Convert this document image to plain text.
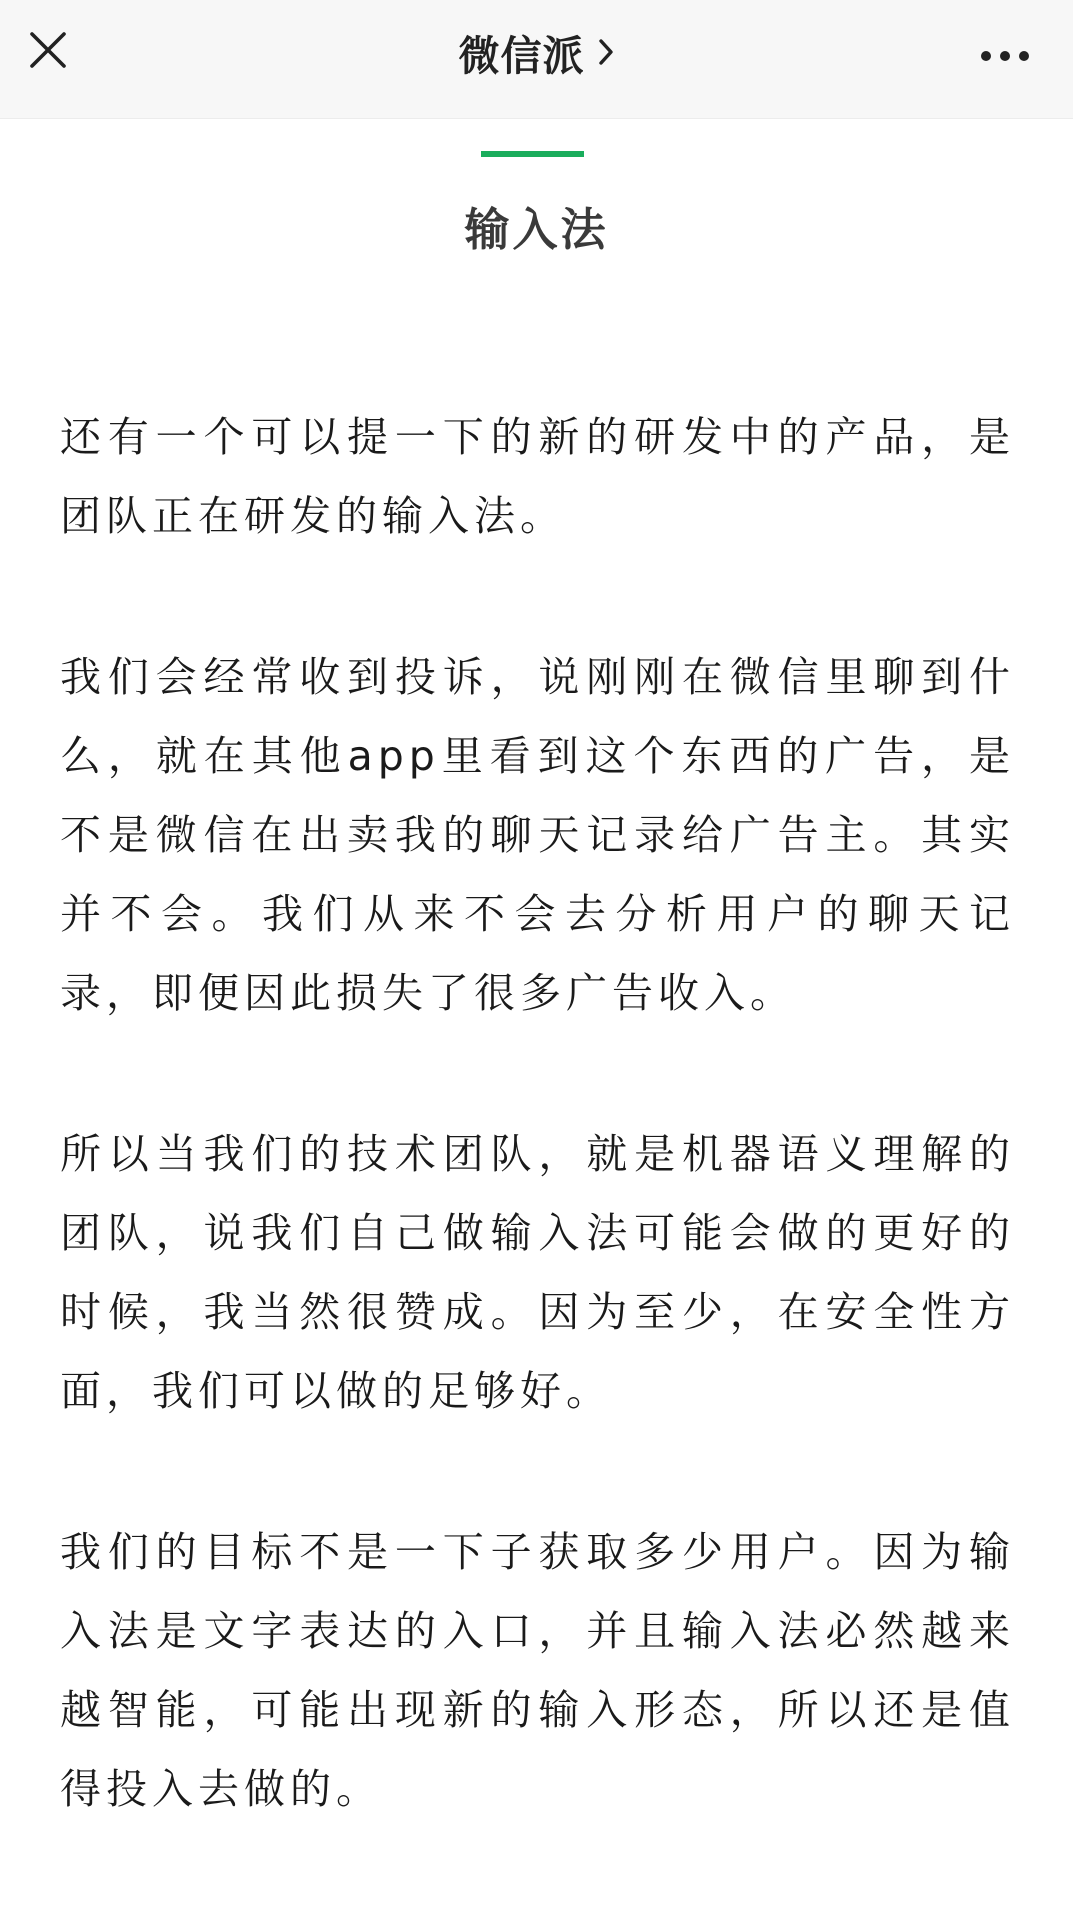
微信派
输入法

还有一个可以提一下的新的研发中的产品，是团队正在研发的输入法。

我们会经常收到投诉，说刚刚在微信里聊到什么，就在其他app里看到这个东西的广告，是不是微信在出卖我的聊天记录给广告主。其实并不会。我们从来不会去分析用户的聊天记录，即便因此损失了很多广告收入。

所以当我们的技术团队，就是机器语义理解的团队，说我们自己做输入法可能会做的更好的时候，我当然很赞成。因为至少，在安全性方面，我们可以做的足够好。

我们的目标不是一下子获取多少用户。因为输入法是文字表达的入口，并且输入法必然越来越智能，可能出现新的输入形态，所以还是值得投入去做的。
